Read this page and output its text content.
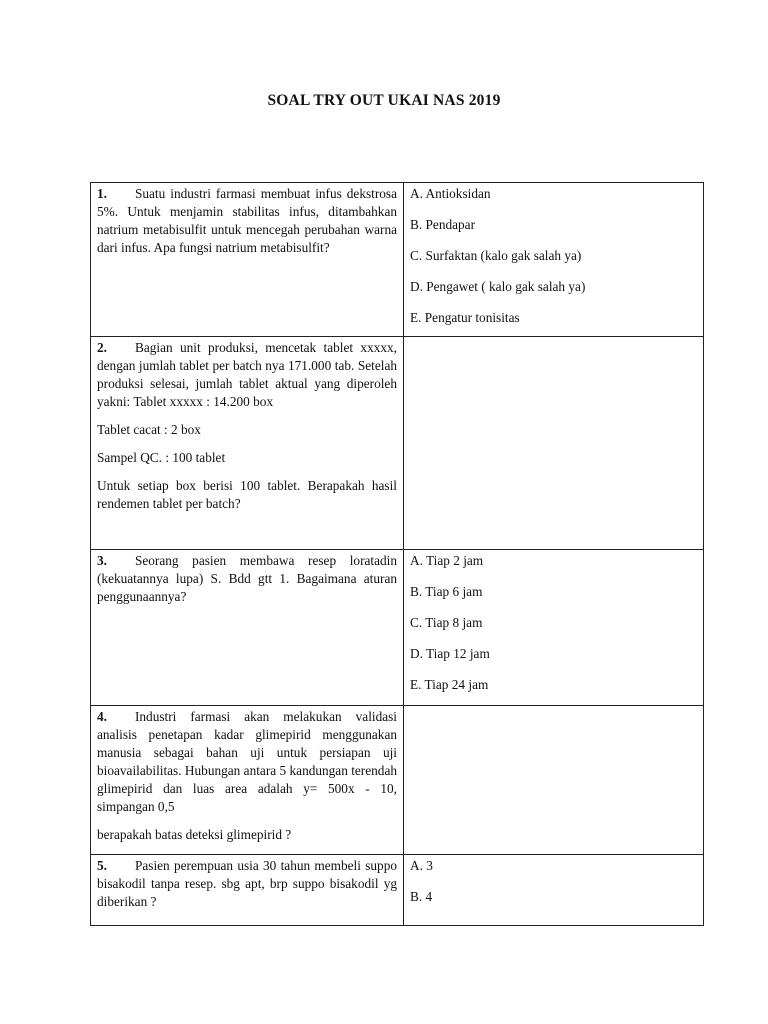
SOAL TRY OUT UKAI NAS 2019

1. Suatu industri farmasi membuat infus dekstrosa 5%. Untuk menjamin stabilitas infus, ditambahkan natrium metabisulfit untuk mencegah perubahan warna dari infus. Apa fungsi natrium metabisulfit?	A. Antioksidan
B. Pendapar
C. Surfaktan (kalo gak salah ya)
D. Pengawet ( kalo gak salah ya)
E. Pengatur tonisitas

2. Bagian unit produksi, mencetak tablet xxxxx, dengan jumlah tablet per batch nya 171.000 tab. Setelah produksi selesai, jumlah tablet aktual yang diperoleh yakni: Tablet xxxxx : 14.200 box

Tablet cacat : 2 box

Sampel QC. : 100 tablet

Untuk setiap box berisi 100 tablet. Berapakah hasil rendemen tablet per batch?	

3. Seorang pasien membawa resep loratadin (kekuatannya lupa) S. Bdd gtt 1. Bagaimana aturan penggunaannya?	A. Tiap 2 jam
B. Tiap 6 jam
C. Tiap 8 jam
D. Tiap 12 jam
E. Tiap 24 jam

4. Industri farmasi akan melakukan validasi analisis penetapan kadar glimepirid menggunakan manusia sebagai bahan uji untuk persiapan uji bioavailabilitas. Hubungan antara 5 kandungan terendah glimepirid dan luas area adalah y= 500x - 10, simpangan 0,5

berapakah batas deteksi glimepirid ?	

5. Pasien perempuan usia 30 tahun membeli suppo bisakodil tanpa resep. sbg apt, brp suppo bisakodil yg diberikan ?	A. 3
B. 4
